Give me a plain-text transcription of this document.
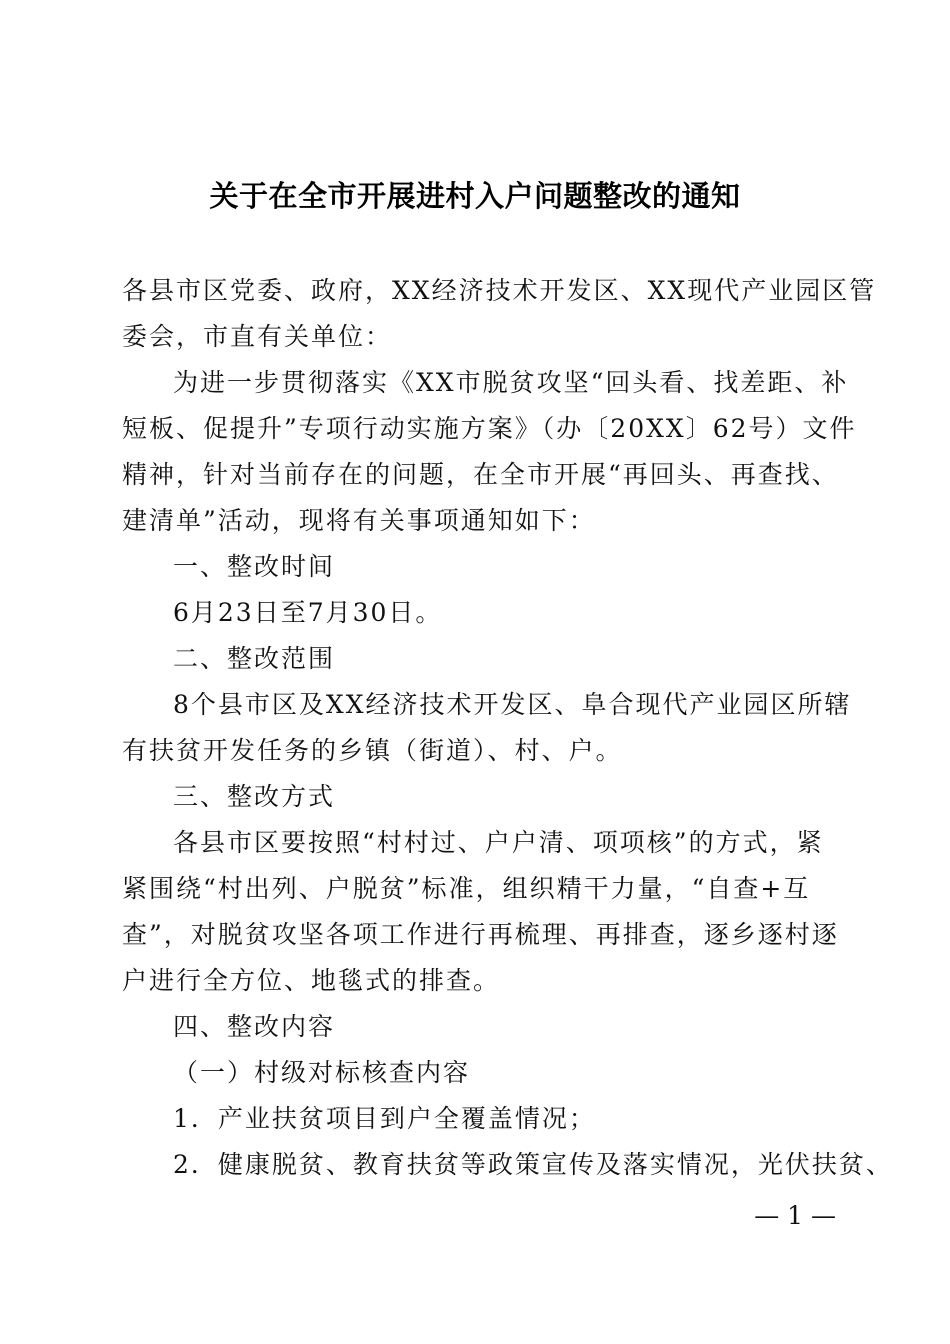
关于在全市开展进村入户问题整改的通知
各县市区党委、政府，XX经济技术开发区、XX现代产业园区管
委会，市直有关单位：
为进一步贯彻落实《XX市脱贫攻坚“回头看、找差距、补
短板、促提升”专项行动实施方案》（办〔20XX〕62号）文件
精神，针对当前存在的问题，在全市开展“再回头、再查找、
建清单”活动，现将有关事项通知如下：
一、整改时间
6月23日至7月30日。
二、整改范围
8个县市区及XX经济技术开发区、阜合现代产业园区所辖
有扶贫开发任务的乡镇（街道）、村、户。
三、整改方式
各县市区要按照“村村过、户户清、项项核”的方式，紧
紧围绕“村出列、户脱贫”标准，组织精干力量，“自查+互
查”，对脱贫攻坚各项工作进行再梳理、再排查，逐乡逐村逐
户进行全方位、地毯式的排查。
四、整改内容
（一）村级对标核查内容
1．产业扶贫项目到户全覆盖情况；
2．健康脱贫、教育扶贫等政策宣传及落实情况，光伏扶贫、
— 1 —
